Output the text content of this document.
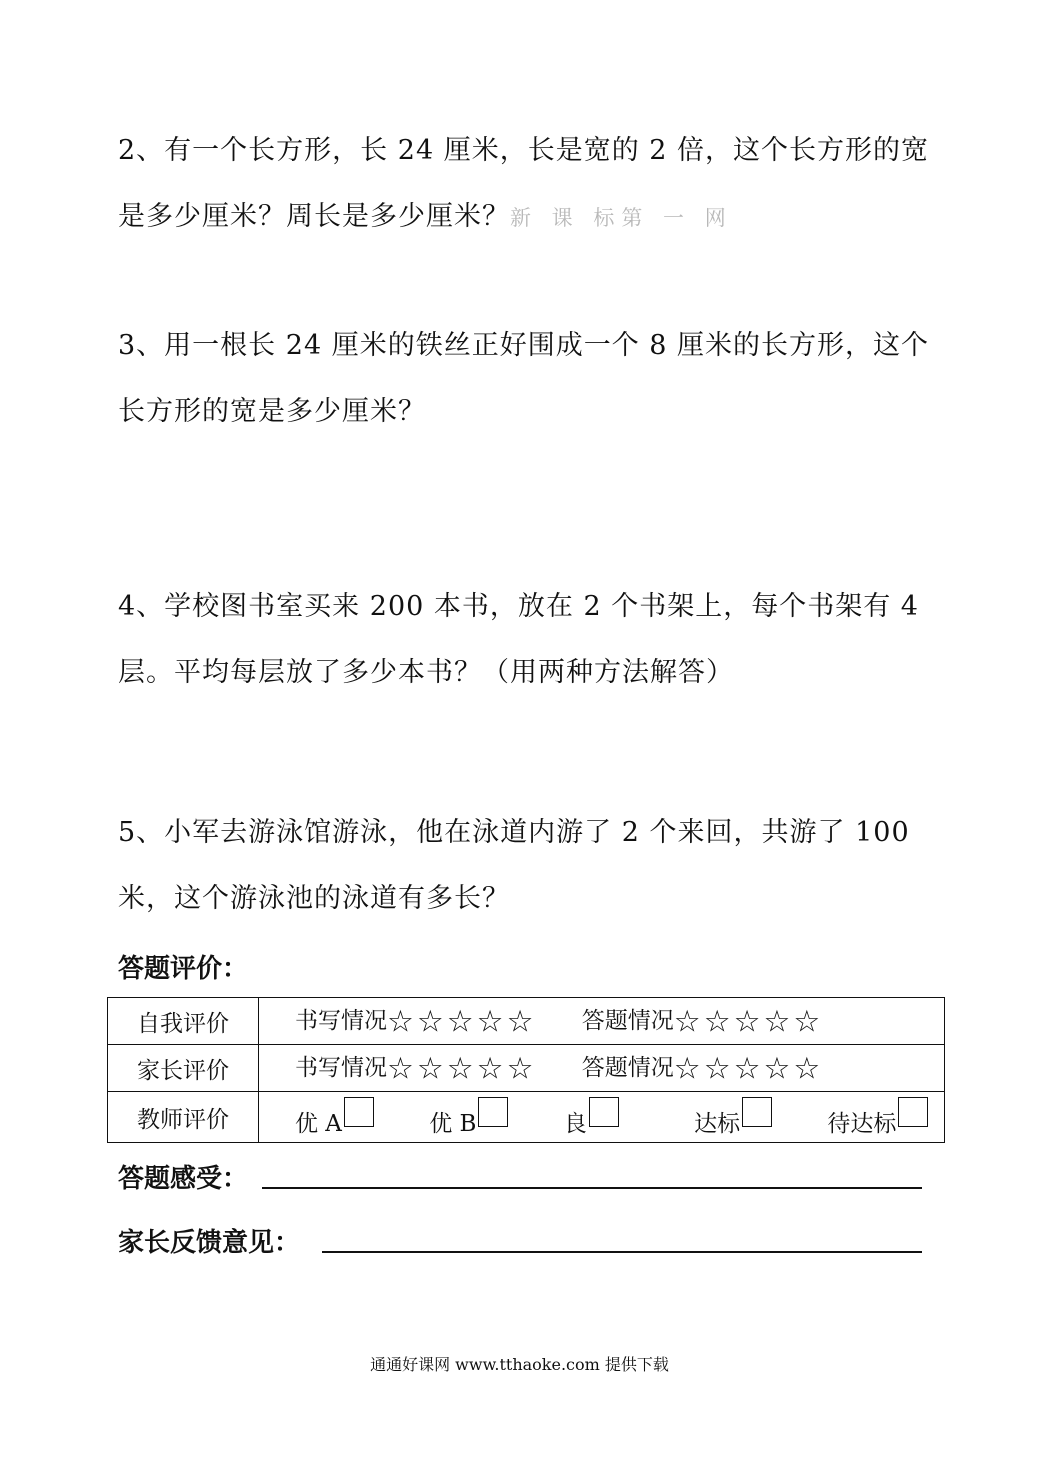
2、有一个长方形，长 24 厘米，长是宽的 2 倍，这个长方形的宽
是多少厘米？周长是多少厘米？新 课 标第 一 网
3、用一根长 24 厘米的铁丝正好围成一个 8 厘米的长方形，这个
长方形的宽是多少厘米？
4、学校图书室买来 200 本书，放在 2 个书架上，每个书架有 4
层。平均每层放了多少本书？（用两种方法解答）
5、小军去游泳馆游泳，他在泳道内游了 2 个来回，共游了 100
米，这个游泳池的泳道有多长？
答题评价：
自我评价	书写情况☆☆☆☆☆ 答题情况☆☆☆☆☆
家长评价	书写情况☆☆☆☆☆ 答题情况☆☆☆☆☆
教师评价	优 A 优 B 良 达标 待达标
答题感受：
家长反馈意见：
通通好课网 www.tthaoke.com 提供下载
